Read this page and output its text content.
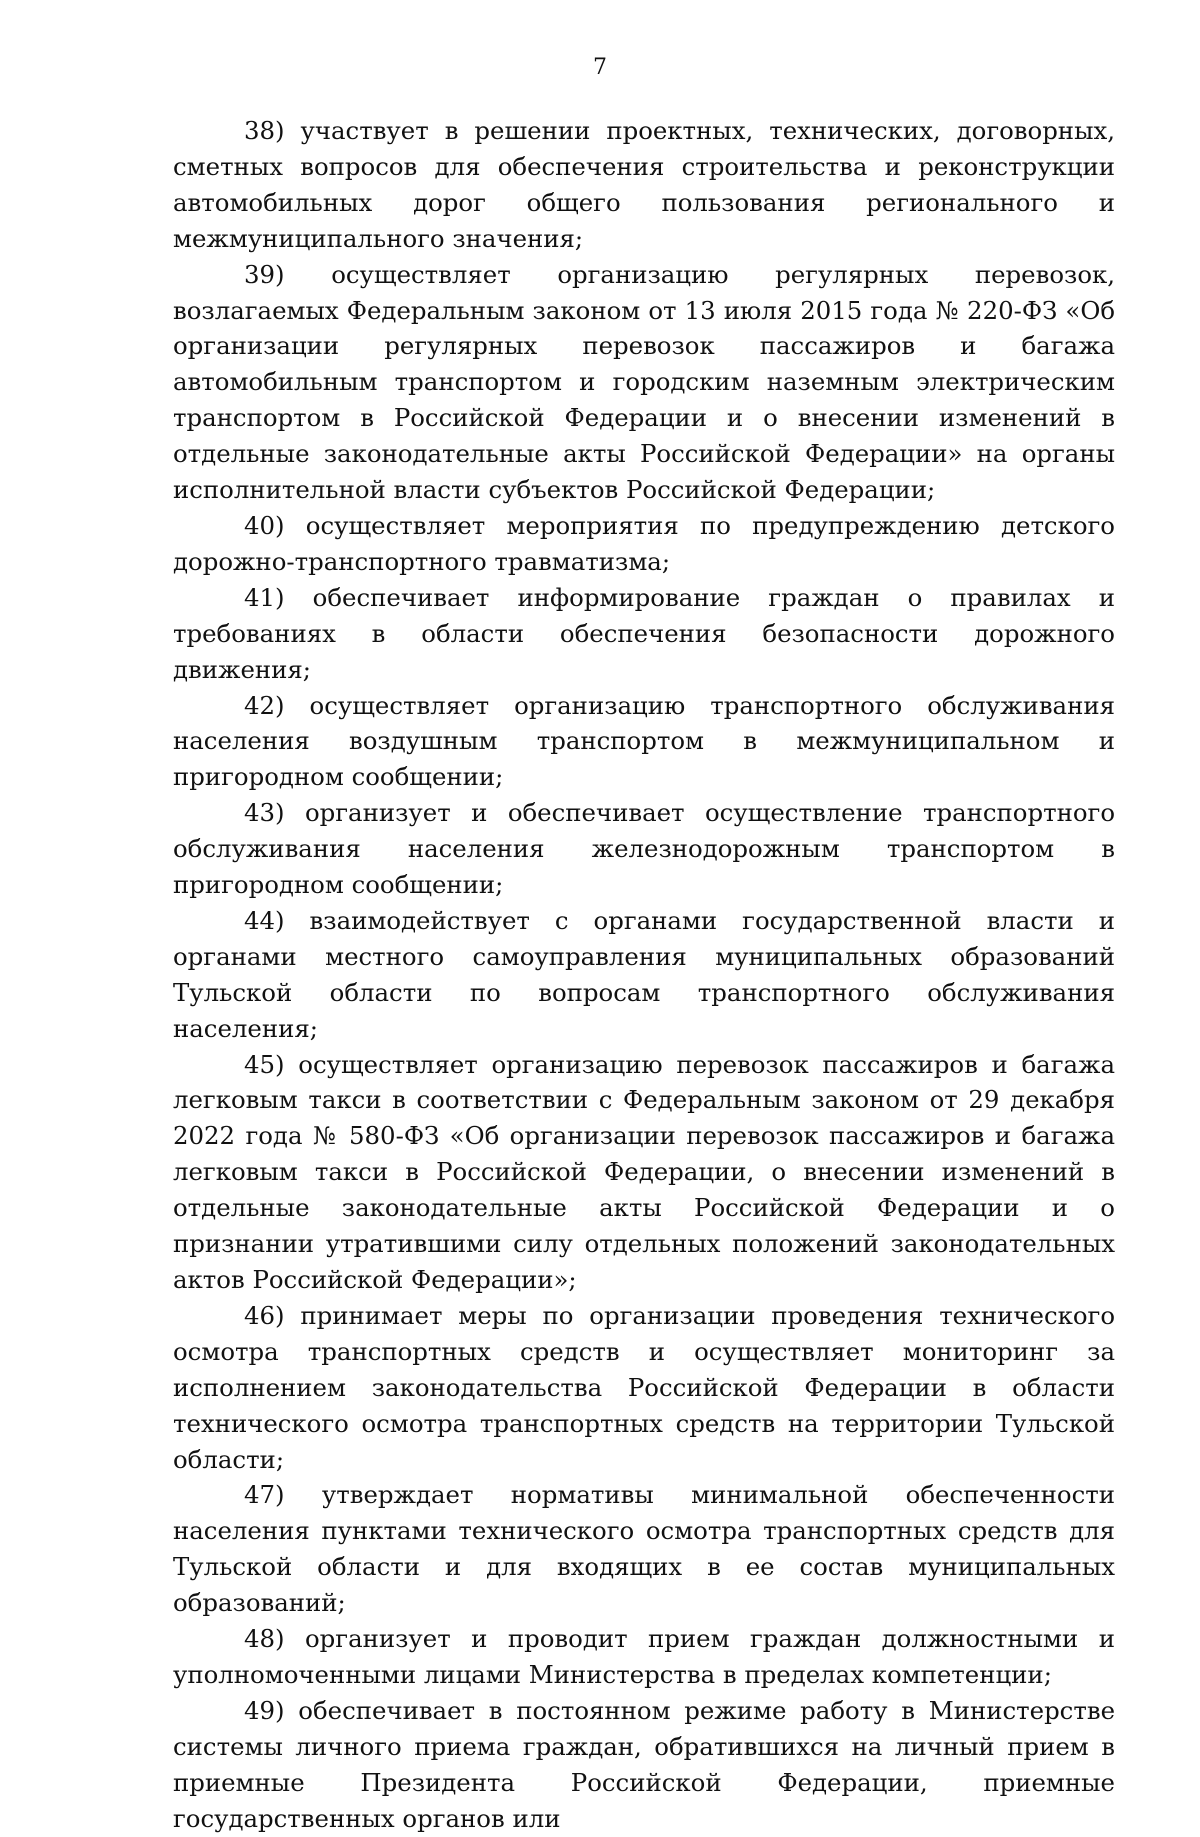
7

38) участвует в решении проектных, технических, договорных, сметных вопросов для обеспечения строительства и реконструкции автомобильных дорог общего пользования регионального и межмуниципального значения;

39) осуществляет организацию регулярных перевозок, возлагаемых Федеральным законом от 13 июля 2015 года № 220-ФЗ «Об организации регулярных перевозок пассажиров и багажа автомобильным транспортом и городским наземным электрическим транспортом в Российской Федерации и о внесении изменений в отдельные законодательные акты Российской Федерации» на органы исполнительной власти субъектов Российской Федерации;

40) осуществляет мероприятия по предупреждению детского дорожно-транспортного травматизма;

41) обеспечивает информирование граждан о правилах и требованиях в области обеспечения безопасности дорожного движения;

42) осуществляет организацию транспортного обслуживания населения воздушным транспортом в межмуниципальном и пригородном сообщении;

43) организует и обеспечивает осуществление транспортного обслуживания населения железнодорожным транспортом в пригородном сообщении;

44) взаимодействует с органами государственной власти и органами местного самоуправления муниципальных образований Тульской области по вопросам транспортного обслуживания населения;

45) осуществляет организацию перевозок пассажиров и багажа легковым такси в соответствии с Федеральным законом от 29 декабря 2022 года № 580-ФЗ «Об организации перевозок пассажиров и багажа легковым такси в Российской Федерации, о внесении изменений в отдельные законодательные акты Российской Федерации и о признании утратившими силу отдельных положений законодательных актов Российской Федерации»;

46) принимает меры по организации проведения технического осмотра транспортных средств и осуществляет мониторинг за исполнением законодательства Российской Федерации в области технического осмотра транспортных средств на территории Тульской области;

47) утверждает нормативы минимальной обеспеченности населения пунктами технического осмотра транспортных средств для Тульской области и для входящих в ее состав муниципальных образований;

48) организует и проводит прием граждан должностными и уполномоченными лицами Министерства в пределах компетенции;

49) обеспечивает в постоянном режиме работу в Министерстве системы личного приема граждан, обратившихся на личный прием в приемные Президента Российской Федерации, приемные государственных органов или
